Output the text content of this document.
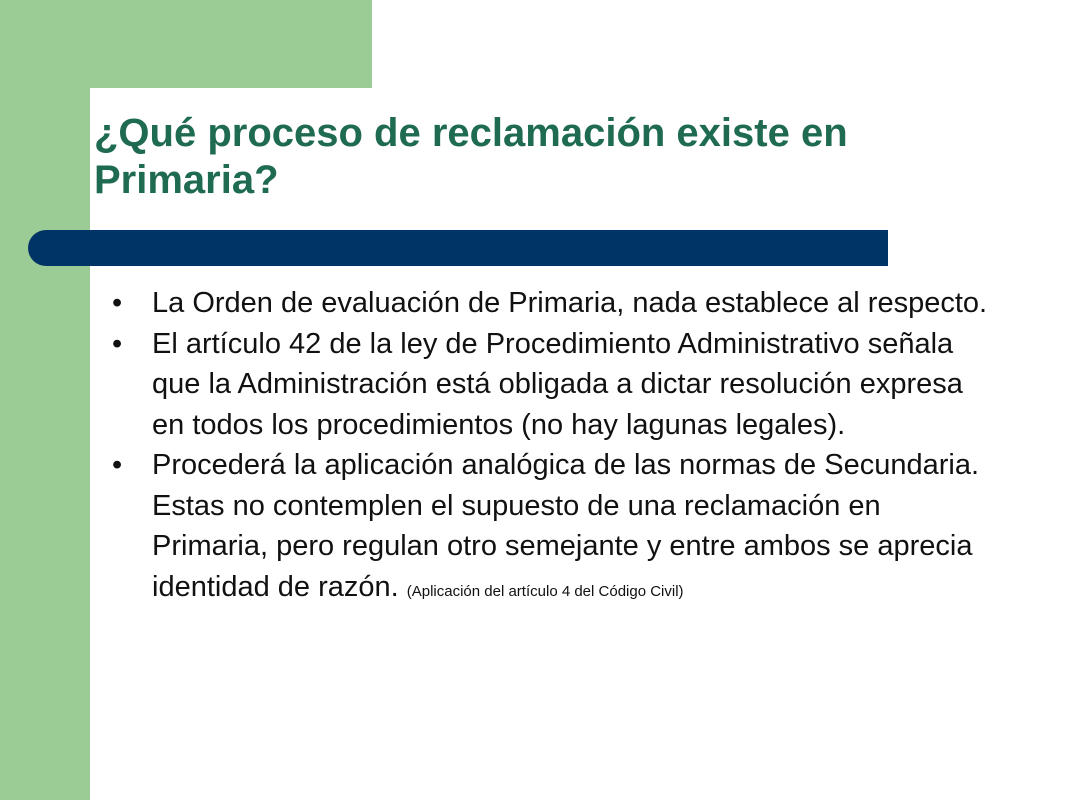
¿Qué proceso de reclamación existe en Primaria?
• La Orden de evaluación de Primaria, nada establece al respecto.
• El artículo 42 de la ley de Procedimiento Administrativo señala que la Administración está obligada a dictar resolución expresa en todos los procedimientos (no hay lagunas legales).
• Procederá la aplicación analógica de las normas de Secundaria. Estas no contemplen el supuesto de una reclamación en Primaria, pero regulan otro semejante y entre ambos se aprecia identidad de razón. (Aplicación del artículo 4 del Código Civil)
